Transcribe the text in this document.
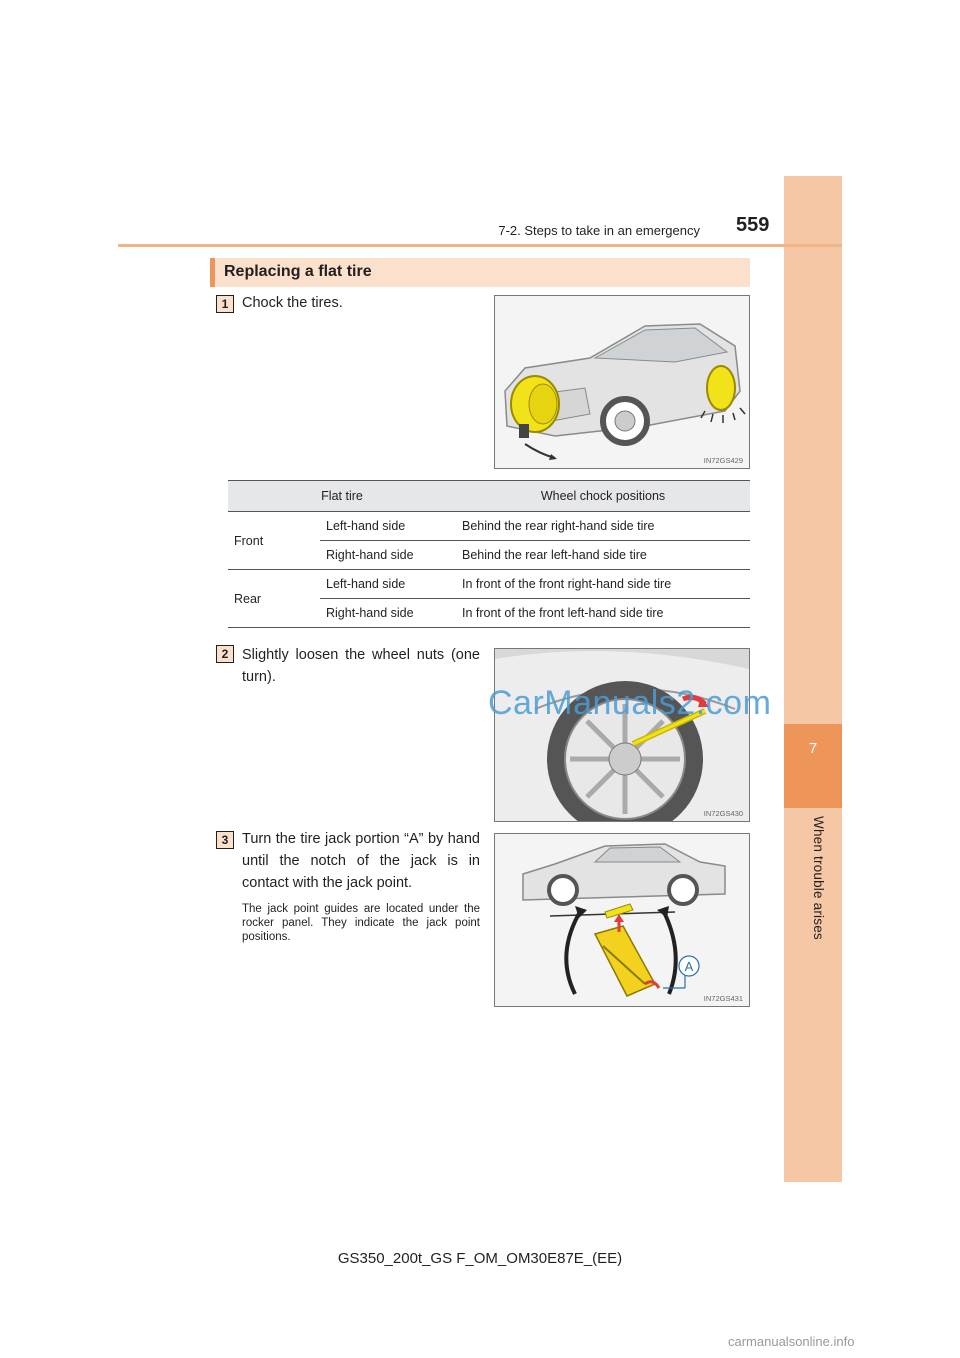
7
When trouble arises
7-2. Steps to take in an emergency 559
Replacing a flat tire
1 Chock the tires.
IN72GS429
Flat tire		Wheel chock positions
Front	Left-hand side	Behind the rear right-hand side tire
	Right-hand side	Behind the rear left-hand side tire
Rear	Left-hand side	In front of the front right-hand side tire
	Right-hand side	In front of the front left-hand side tire
2 Slightly loosen the wheel nuts (one turn).
IN72GS430
3 Turn the tire jack portion “A” by hand until the notch of the jack is in contact with the jack point.
The jack point guides are located under the rocker panel. They indicate the jack point positions.
A
IN72GS431
CarManuals2.com
GS350_200t_GS F_OM_OM30E87E_(EE)
carmanualsonline.info
